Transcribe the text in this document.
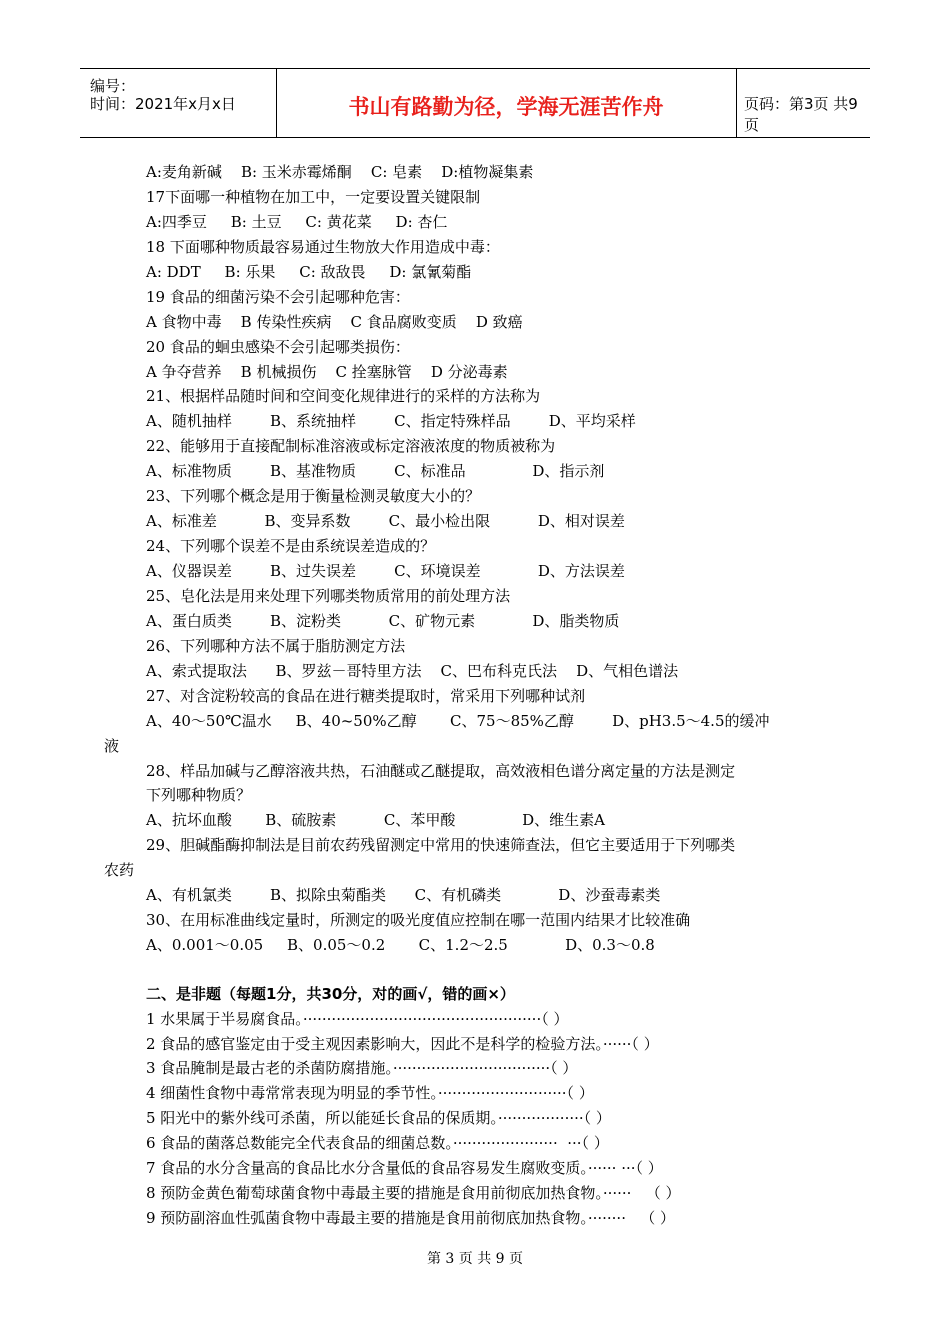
编号：
时间：2021年x月x日	书山有路勤为径，学海无涯苦作舟	页码：第3页 共9页
A:麦角新碱    B: 玉米赤霉烯酮    C: 皂素    D:植物凝集素
17下面哪一种植物在加工中，一定要设置关键限制
A:四季豆     B: 土豆     C: 黄花菜     D: 杏仁
18 下面哪种物质最容易通过生物放大作用造成中毒：
A: DDT     B: 乐果     C: 敌敌畏     D: 氯氰菊酯
19 食品的细菌污染不会引起哪种危害：
A 食物中毒    B 传染性疾病    C 食品腐败变质    D 致癌
20 食品的蛔虫感染不会引起哪类损伤：
A 争夺营养    B 机械损伤    C 拴塞脉管    D 分泌毒素
21、根据样品随时间和空间变化规律进行的采样的方法称为
A、随机抽样        B、系统抽样        C、指定特殊样品        D、平均采样
22、能够用于直接配制标准溶液或标定溶液浓度的物质被称为
A、标准物质        B、基准物质        C、标准品              D、指示剂
23、下列哪个概念是用于衡量检测灵敏度大小的？
A、标准差          B、变异系数        C、最小检出限          D、相对误差
24、下列哪个误差不是由系统误差造成的？
A、仪器误差        B、过失误差        C、环境误差            D、方法误差
25、皂化法是用来处理下列哪类物质常用的前处理方法
A、蛋白质类        B、淀粉类          C、矿物元素            D、脂类物质
26、下列哪种方法不属于脂肪测定方法
A、索式提取法      B、罗兹－哥特里方法    C、巴布科克氏法    D、气相色谱法
27、对含淀粉较高的食品在进行糖类提取时，常采用下列哪种试剂
A、40～50℃温水     B、40~50%乙醇       C、75～85%乙醇        D、pH3.5～4.5的缓冲
液
28、样品加碱与乙醇溶液共热，石油醚或乙醚提取，高效液相色谱分离定量的方法是测定
下列哪种物质？
A、抗坏血酸       B、硫胺素          C、苯甲酸              D、维生素A
29、胆碱酯酶抑制法是目前农药残留测定中常用的快速筛查法，但它主要适用于下列哪类
农药
A、有机氯类        B、拟除虫菊酯类      C、有机磷类            D、沙蚕毒素类
30、在用标准曲线定量时，所测定的吸光度值应控制在哪一范围内结果才比较准确
A、0.001～0.05     B、0.05～0.2       C、1.2～2.5            D、0.3～0.8
二、是非题（每题1分，共30分，对的画√，错的画×）
1 水果属于半易腐食品。··················································（ ）
2 食品的感官鉴定由于受主观因素影响大，因此不是科学的检验方法。······（ ）
3 食品腌制是最古老的杀菌防腐措施。·································（ ）
4 细菌性食物中毒常常表现为明显的季节性。···························（ ）
5 阳光中的紫外线可杀菌，所以能延长食品的保质期。··················（ ）
6 食品的菌落总数能完全代表食品的细菌总数。······················  ···（ ）
7 食品的水分含量高的食品比水分含量低的食品容易发生腐败变质。······ ···（ ）
8 预防金黄色葡萄球菌食物中毒最主要的措施是食用前彻底加热食物。······   （ ）
9 预防副溶血性弧菌食物中毒最主要的措施是食用前彻底加热食物。········   （ ）
第 3 页 共 9 页
